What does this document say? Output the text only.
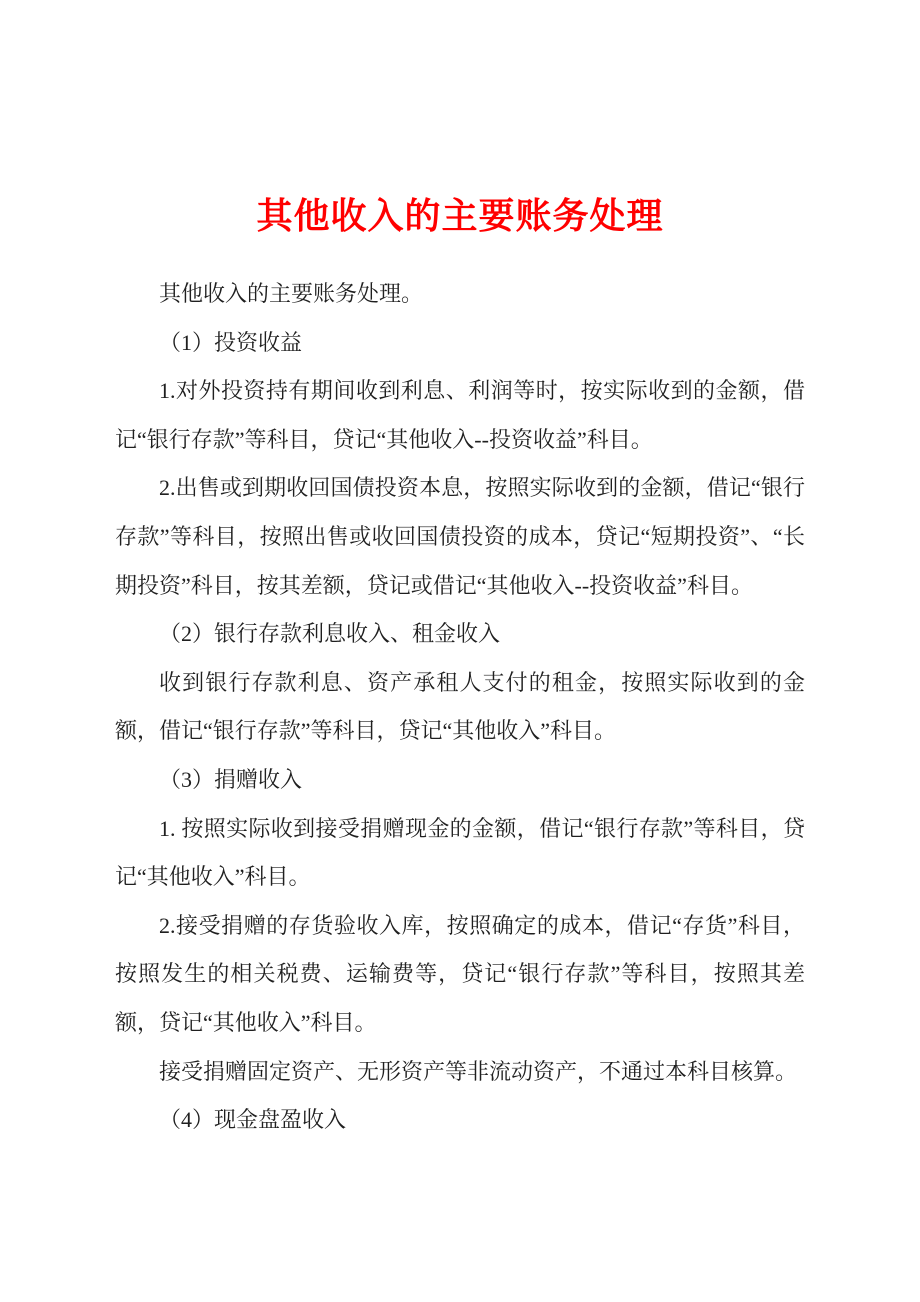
其他收入的主要账务处理

其他收入的主要账务处理。

（1）投资收益

1.对外投资持有期间收到利息、利润等时，按实际收到的金额，借记“银行存款”等科目，贷记“其他收入--投资收益”科目。

2.出售或到期收回国债投资本息，按照实际收到的金额，借记“银行存款”等科目，按照出售或收回国债投资的成本，贷记“短期投资”、“长期投资”科目，按其差额，贷记或借记“其他收入--投资收益”科目。

（2）银行存款利息收入、租金收入

收到银行存款利息、资产承租人支付的租金，按照实际收到的金额，借记“银行存款”等科目，贷记“其他收入”科目。

（3）捐赠收入

1. 按照实际收到接受捐赠现金的金额，借记“银行存款”等科目，贷记“其他收入”科目。

2.接受捐赠的存货验收入库，按照确定的成本，借记“存货”科目，按照发生的相关税费、运输费等，贷记“银行存款”等科目，按照其差额，贷记“其他收入”科目。

接受捐赠固定资产、无形资产等非流动资产，不通过本科目核算。

（4）现金盘盈收入
